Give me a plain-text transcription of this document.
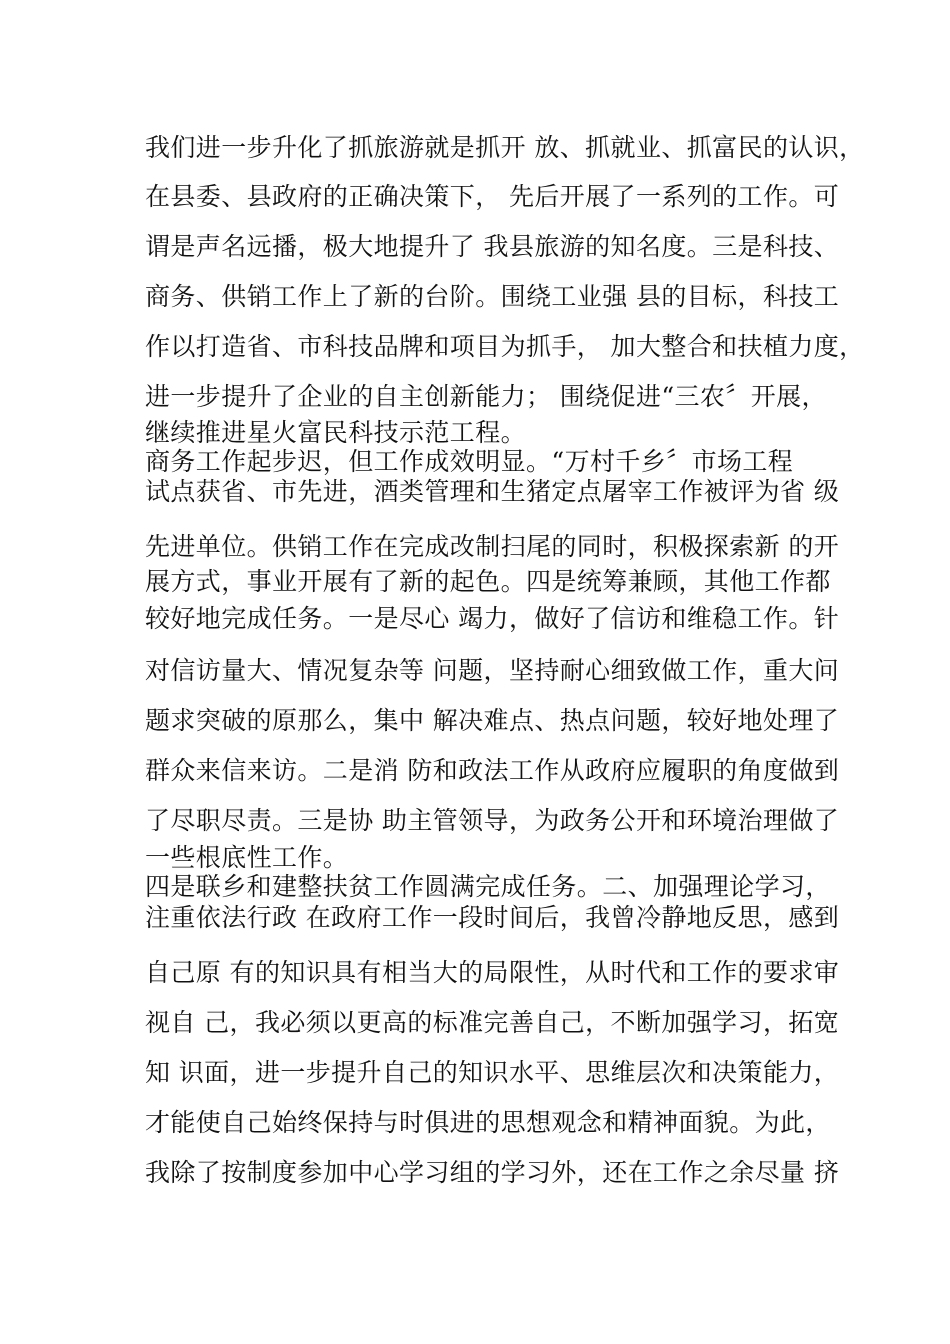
我们进一步升化了抓旅游就是抓开 放、抓就业、抓富民的认识，
在县委、县政府的正确决策下， 先后开展了一系列的工作。可
谓是声名远播，极大地提升了 我县旅游的知名度。三是科技、
商务、供销工作上了新的台阶。围绕工业强 县的目标，科技工
作以打造省、市科技品牌和项目为抓手， 加大整合和扶植力度，
进一步提升了企业的自主创新能力； 围绕促进“三农〞开展，
继续推进星火富民科技示范工程。
商务工作起步迟，但工作成效明显。“万村千乡〞市场工程
试点获省、市先进，酒类管理和生猪定点屠宰工作被评为省 级
先进单位。供销工作在完成改制扫尾的同时，积极探索新 的开
展方式，事业开展有了新的起色。四是统筹兼顾，其他工作都
较好地完成任务。一是尽心 竭力，做好了信访和维稳工作。针
对信访量大、情况复杂等 问题，坚持耐心细致做工作，重大问
题求突破的原那么，集中 解决难点、热点问题，较好地处理了
群众来信来访。二是消 防和政法工作从政府应履职的角度做到
了尽职尽责。三是协 助主管领导，为政务公开和环境治理做了
一些根底性工作。
四是联乡和建整扶贫工作圆满完成任务。二、加强理论学习，
注重依法行政 在政府工作一段时间后，我曾冷静地反思，感到
自己原 有的知识具有相当大的局限性，从时代和工作的要求审
视自 己，我必须以更高的标准完善自己，不断加强学习，拓宽
知 识面，进一步提升自己的知识水平、思维层次和决策能力，
才能使自己始终保持与时俱进的思想观念和精神面貌。为此，
我除了按制度参加中心学习组的学习外，还在工作之余尽量 挤
